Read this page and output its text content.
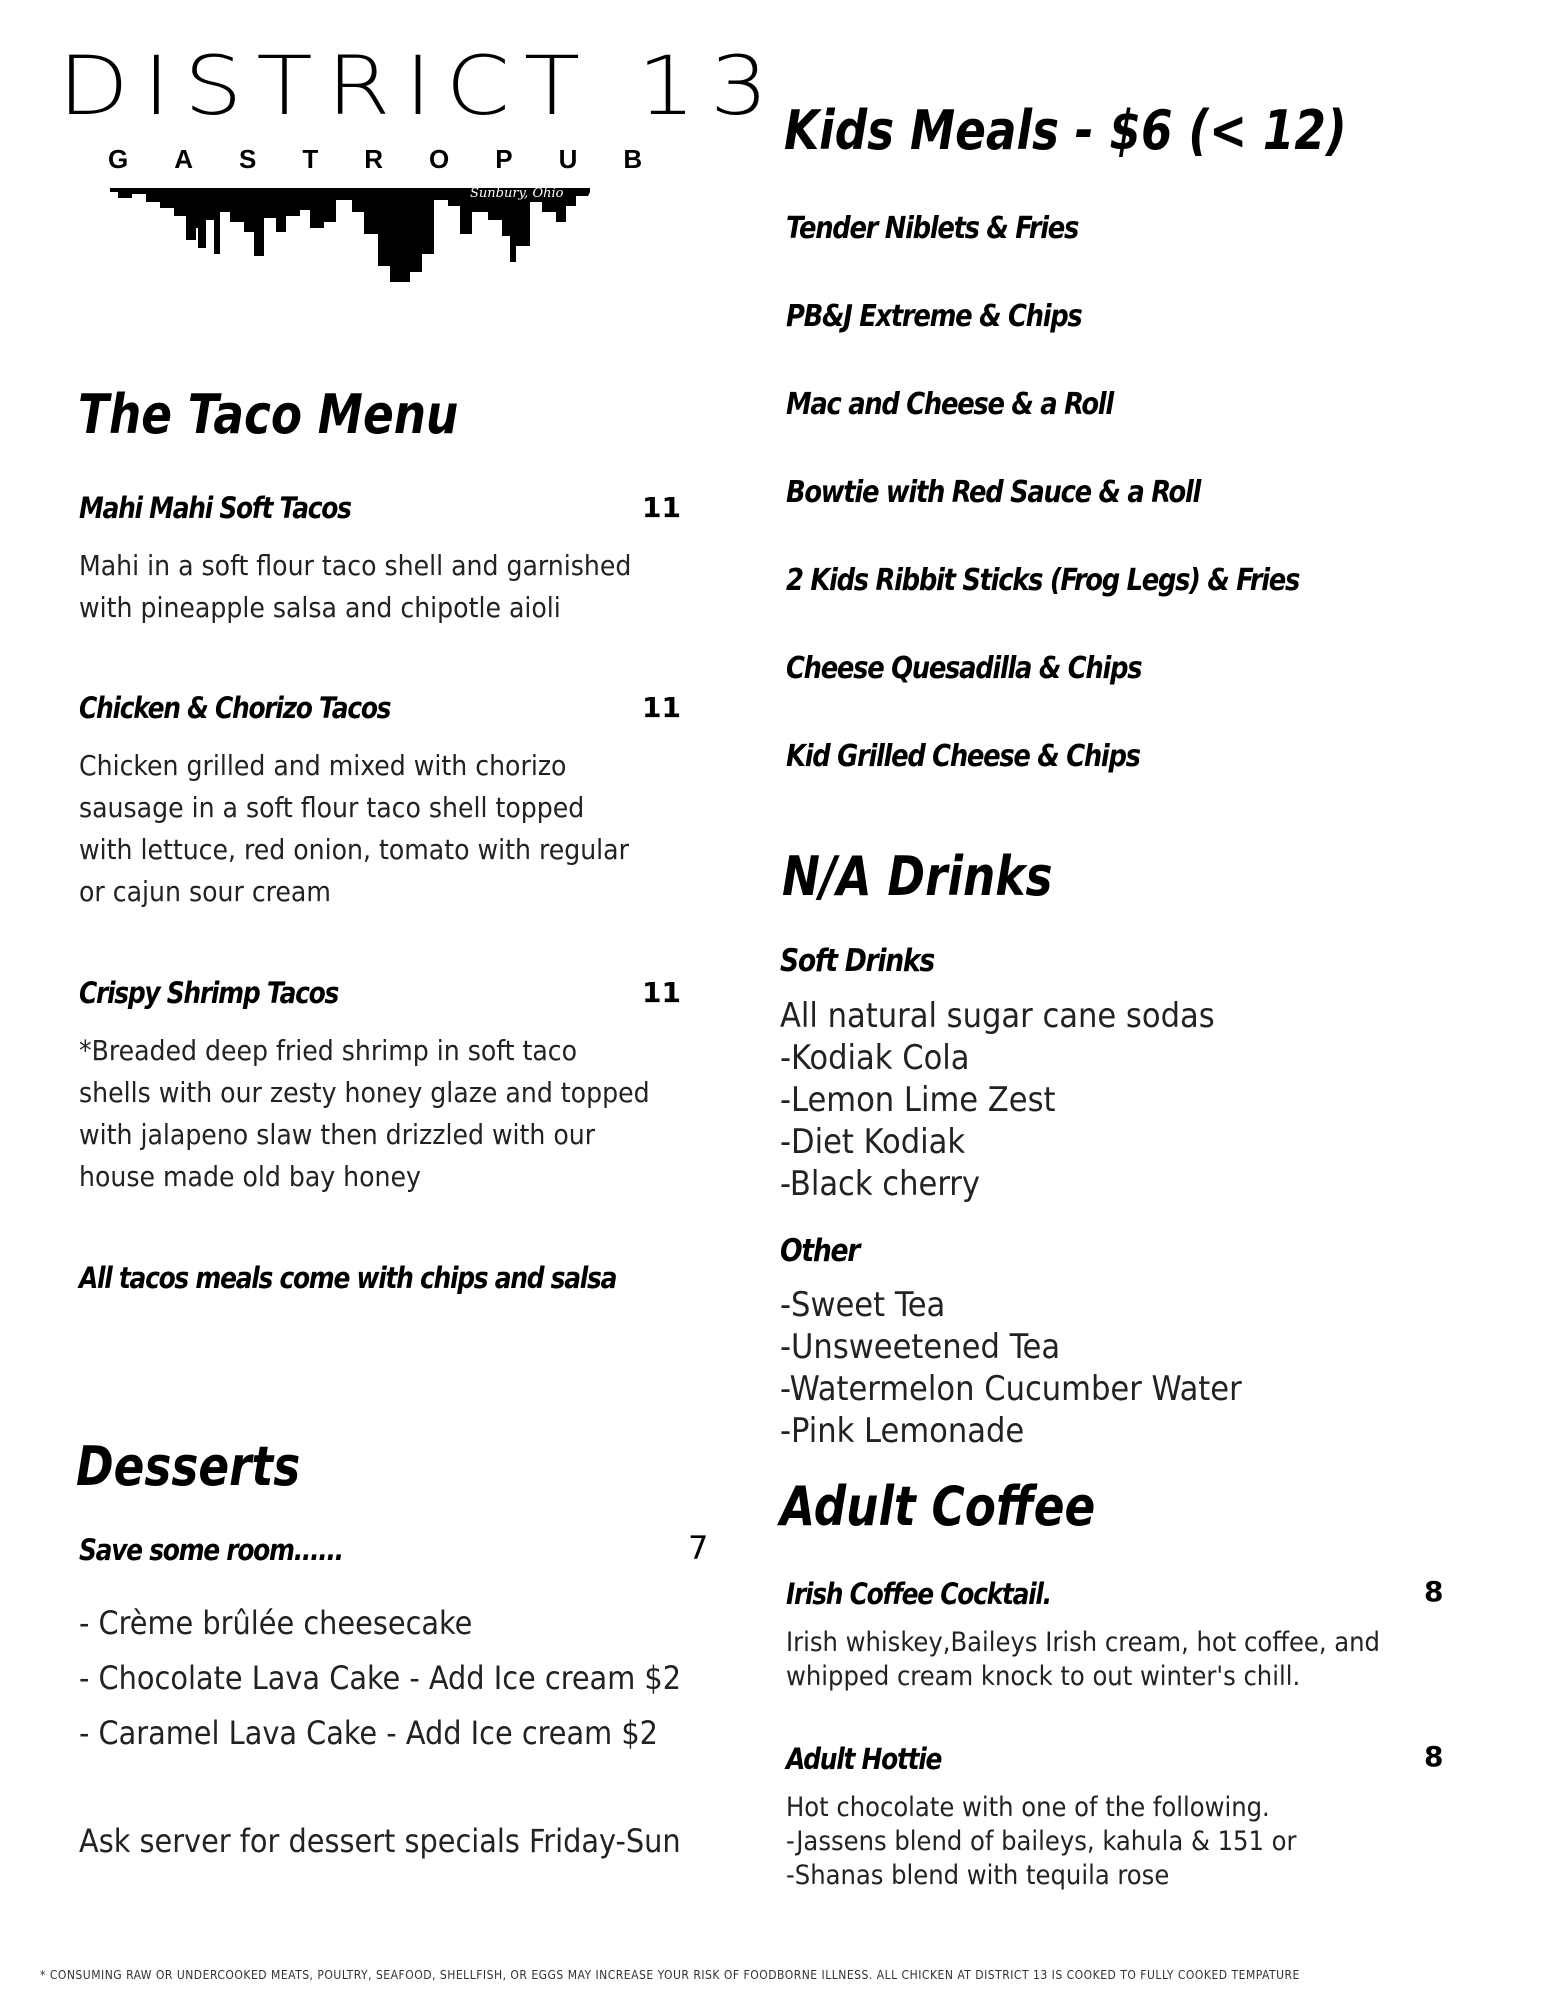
DISTRICT 13
GASTROPUB
Sunbury, Ohio
The Taco Menu
Mahi Mahi Soft Tacos	11
Mahi in a soft flour taco shell and garnished
with pineapple salsa and chipotle aioli
Chicken & Chorizo Tacos	11
Chicken grilled and mixed with chorizo
sausage in a soft flour taco shell topped
with lettuce, red onion, tomato with regular
or cajun sour cream
Crispy Shrimp Tacos	11
*Breaded deep fried shrimp in soft taco
shells with our zesty honey glaze and topped
with jalapeno slaw then drizzled with our
house made old bay honey
All tacos meals come with chips and salsa
Desserts
Save some room......	7
- Crème brûlée cheesecake
- Chocolate Lava Cake - Add Ice cream $2
- Caramel Lava Cake - Add Ice cream $2
Ask server for dessert specials Friday-Sun
Kids Meals - $6 (< 12)
Tender Niblets & Fries
PB&J Extreme & Chips
Mac and Cheese & a Roll
Bowtie with Red Sauce & a Roll
2 Kids Ribbit Sticks (Frog Legs) & Fries
Cheese Quesadilla & Chips
Kid Grilled Cheese & Chips
N/A Drinks
Soft Drinks
All natural sugar cane sodas
-Kodiak Cola
-Lemon Lime Zest
-Diet Kodiak
-Black cherry
Other
-Sweet Tea
-Unsweetened Tea
-Watermelon Cucumber Water
-Pink Lemonade
Adult Coffee
Irish Coffee Cocktail.	8
Irish whiskey,Baileys Irish cream, hot coffee, and
whipped cream knock to out winter's chill.
Adult Hottie	8
Hot chocolate with one of the following.
-Jassens blend of baileys, kahula & 151 or
-Shanas blend with tequila rose
* CONSUMING RAW OR UNDERCOOKED MEATS, POULTRY, SEAFOOD, SHELLFISH, OR EGGS MAY INCREASE YOUR RISK OF FOODBORNE ILLNESS. ALL CHICKEN AT DISTRICT 13 IS COOKED TO FULLY COOKED TEMPATURE
